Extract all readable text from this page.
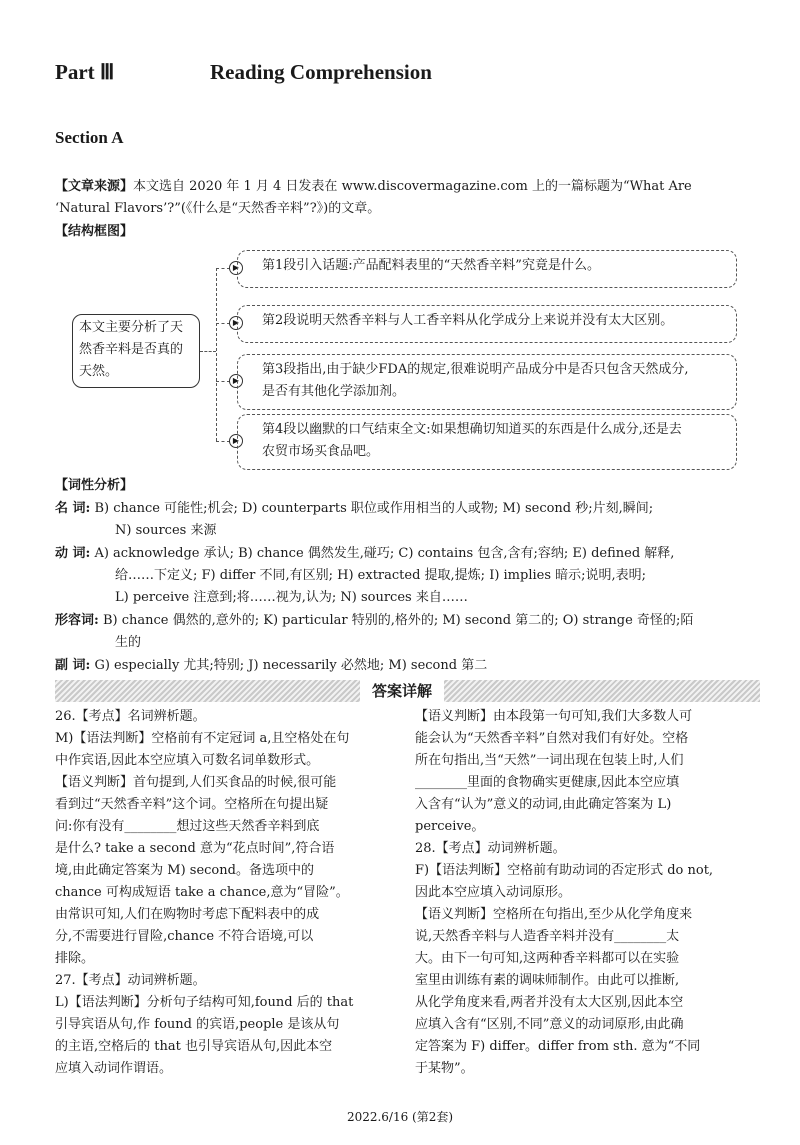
Part Ⅲ	Reading Comprehension
Section A
【文章来源】本文选自 2020 年 1 月 4 日发表在 www.discovermagazine.com 上的一篇标题为“What Are
‘Natural Flavors’?”(《什么是“天然香辛料”?》)的文章。
【结构框图】
本文主要分析了天
然香辛料是否真的
天然。
▶
▶
▶
▶
第1段引入话题:产品配料表里的“天然香辛料”究竟是什么。
第2段说明天然香辛料与人工香辛料从化学成分上来说并没有太大区别。
第3段指出,由于缺少FDA的规定,很难说明产品成分中是否只包含天然成分,
是否有其他化学添加剂。
第4段以幽默的口气结束全文:如果想确切知道买的东西是什么成分,还是去
农贸市场买食品吧。
【词性分析】
名 词: B) chance 可能性;机会; D) counterparts 职位或作用相当的人或物; M) second 秒;片刻,瞬间;
N) sources 来源
动 词: A) acknowledge 承认; B) chance 偶然发生,碰巧; C) contains 包含,含有;容纳; E) defined 解释,
给……下定义; F) differ 不同,有区别; H) extracted 提取,提炼; I) implies 暗示;说明,表明;
L) perceive 注意到;将……视为,认为; N) sources 来自……
形容词: B) chance 偶然的,意外的; K) particular 特别的,格外的; M) second 第二的; O) strange 奇怪的;陌
生的
副 词: G) especially 尤其;特别; J) necessarily 必然地; M) second 第二
答案详解
26.【考点】名词辨析题。
M)【语法判断】空格前有不定冠词 a,且空格处在句
中作宾语,因此本空应填入可数名词单数形式。
【语义判断】首句提到,人们买食品的时候,很可能
看到过“天然香辛料”这个词。空格所在句提出疑
问:你有没有________想过这些天然香辛料到底
是什么? take a second 意为“花点时间”,符合语
境,由此确定答案为 M) second。备选项中的
chance 可构成短语 take a chance,意为“冒险”。
由常识可知,人们在购物时考虑下配料表中的成
分,不需要进行冒险,chance 不符合语境,可以
排除。
27.【考点】动词辨析题。
L)【语法判断】分析句子结构可知,found 后的 that
引导宾语从句,作 found 的宾语,people 是该从句
的主语,空格后的 that 也引导宾语从句,因此本空
应填入动词作谓语。
【语义判断】由本段第一句可知,我们大多数人可
能会认为“天然香辛料”自然对我们有好处。空格
所在句指出,当“天然”一词出现在包装上时,人们
________里面的食物确实更健康,因此本空应填
入含有“认为”意义的动词,由此确定答案为 L)
perceive。
28.【考点】动词辨析题。
F)【语法判断】空格前有助动词的否定形式 do not,
因此本空应填入动词原形。
【语义判断】空格所在句指出,至少从化学角度来
说,天然香辛料与人造香辛料并没有________太
大。由下一句可知,这两种香辛料都可以在实验
室里由训练有素的调味师制作。由此可以推断,
从化学角度来看,两者并没有太大区别,因此本空
应填入含有“区别,不同”意义的动词原形,由此确
定答案为 F) differ。differ from sth. 意为“不同
于某物”。
2022.6/16 (第2套)
